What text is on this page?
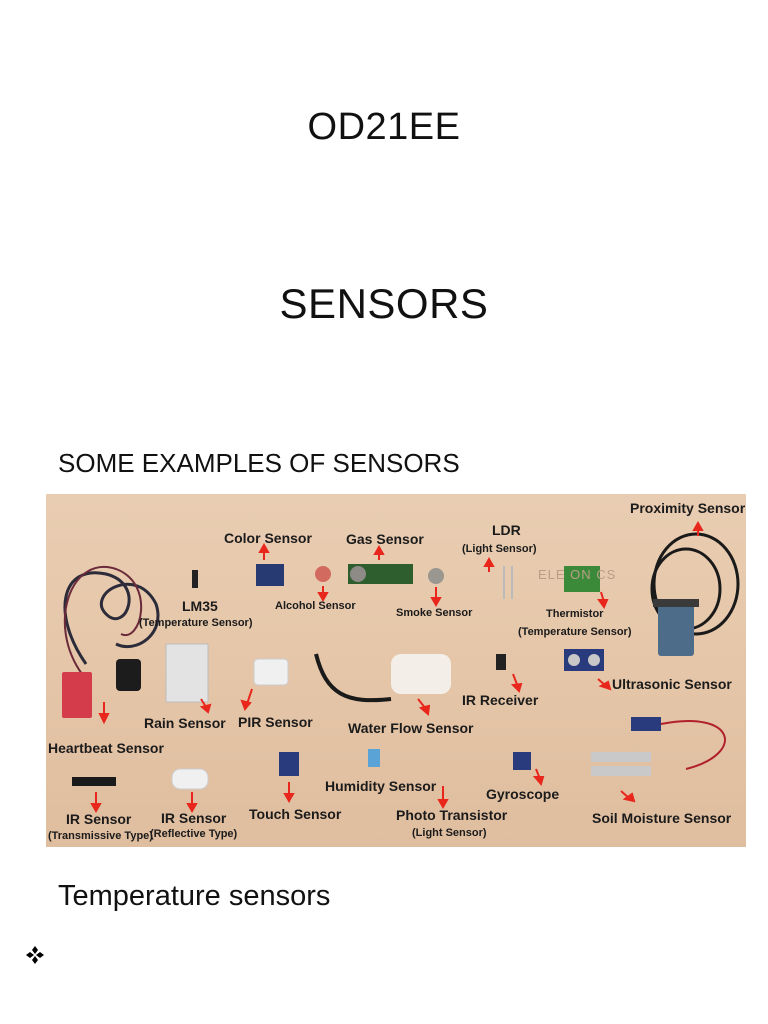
OD21EE
SENSORS
SOME EXAMPLES OF SENSORS
ELE ON CS
Proximity Sensor
Color Sensor Gas Sensor
LDR
(Light Sensor)
LM35
(Temperature Sensor)
Alcohol Sensor
Smoke Sensor	Thermistor
(Temperature Sensor)
Rain Sensor PIR Sensor	Water Flow Sensor
IR Receiver
Ultrasonic Sensor
Heartbeat Sensor
Humidity Sensor	Gyroscope
Touch Sensor
IR Sensor
(Transmissive Type)
IR Sensor
(Reflective Type)
Photo Transistor
(Light Sensor)
Soil Moisture Sensor
Temperature sensors
